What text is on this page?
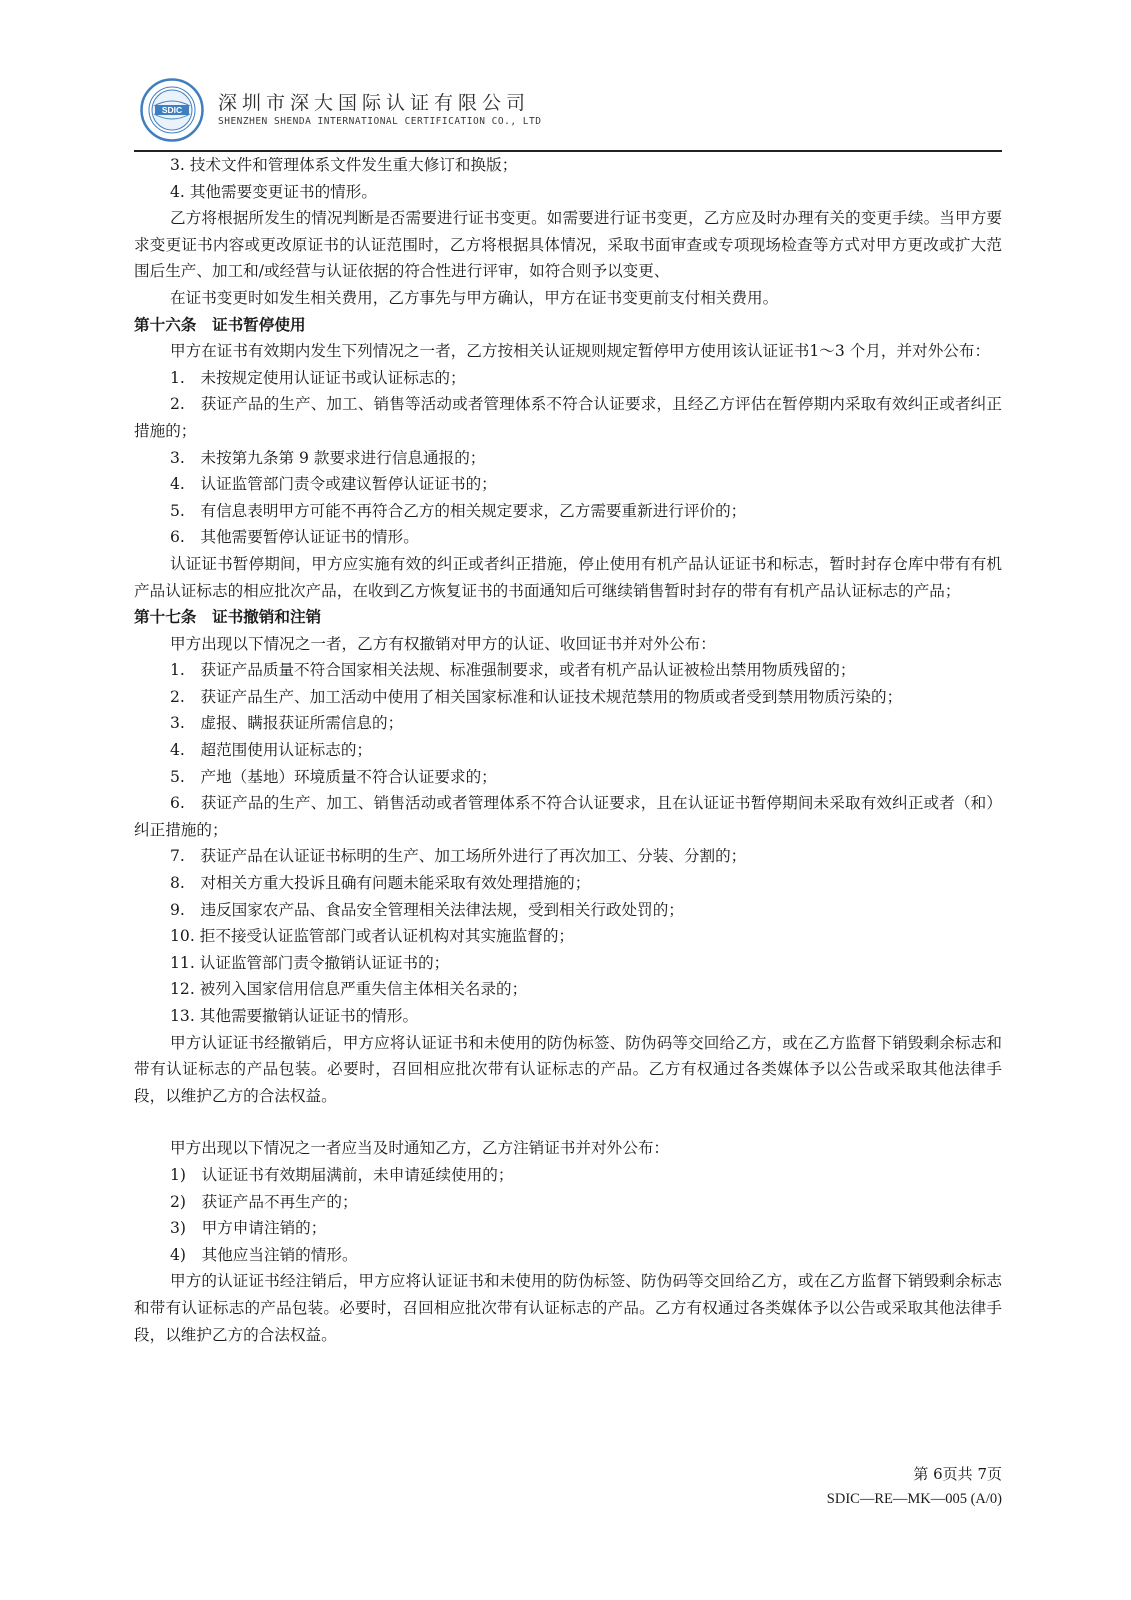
SDIC 深圳市深大国际认证有限公司
SHENZHEN SHENDA INTERNATIONAL CERTIFICATION CO., LTD

3. 技术文件和管理体系文件发生重大修订和换版；

4. 其他需要变更证书的情形。

乙方将根据所发生的情况判断是否需要进行证书变更。如需要进行证书变更，乙方应及时办理有关的变更手续。当甲方要求变更证书内容或更改原证书的认证范围时，乙方将根据具体情况，采取书面审查或专项现场检查等方式对甲方更改或扩大范围后生产、加工和/或经营与认证依据的符合性进行评审，如符合则予以变更、

在证书变更时如发生相关费用，乙方事先与甲方确认，甲方在证书变更前支付相关费用。

第十六条　证书暂停使用

甲方在证书有效期内发生下列情况之一者，乙方按相关认证规则规定暂停甲方使用该认证证书1～3 个月，并对外公布：

1.　未按规定使用认证证书或认证标志的；

2.　获证产品的生产、加工、销售等活动或者管理体系不符合认证要求，且经乙方评估在暂停期内采取有效纠正或者纠正措施的；

3.　未按第九条第 9 款要求进行信息通报的；

4.　认证监管部门责令或建议暂停认证证书的；

5.　有信息表明甲方可能不再符合乙方的相关规定要求，乙方需要重新进行评价的；

6.　其他需要暂停认证证书的情形。

认证证书暂停期间，甲方应实施有效的纠正或者纠正措施，停止使用有机产品认证证书和标志，暂时封存仓库中带有有机产品认证标志的相应批次产品，在收到乙方恢复证书的书面通知后可继续销售暂时封存的带有有机产品认证标志的产品；

第十七条　证书撤销和注销

甲方出现以下情况之一者，乙方有权撤销对甲方的认证、收回证书并对外公布：

1.　获证产品质量不符合国家相关法规、标准强制要求，或者有机产品认证被检出禁用物质残留的；

2.　获证产品生产、加工活动中使用了相关国家标准和认证技术规范禁用的物质或者受到禁用物质污染的；

3.　虚报、瞒报获证所需信息的；

4.　超范围使用认证标志的；

5.　产地（基地）环境质量不符合认证要求的；

6.　获证产品的生产、加工、销售活动或者管理体系不符合认证要求，且在认证证书暂停期间未采取有效纠正或者（和）纠正措施的；

7.　获证产品在认证证书标明的生产、加工场所外进行了再次加工、分装、分割的；

8.　对相关方重大投诉且确有问题未能采取有效处理措施的；

9.　违反国家农产品、食品安全管理相关法律法规，受到相关行政处罚的；

10. 拒不接受认证监管部门或者认证机构对其实施监督的；

11. 认证监管部门责令撤销认证证书的；

12. 被列入国家信用信息严重失信主体相关名录的；

13. 其他需要撤销认证证书的情形。

甲方认证证书经撤销后，甲方应将认证证书和未使用的防伪标签、防伪码等交回给乙方，或在乙方监督下销毁剩余标志和带有认证标志的产品包装。必要时，召回相应批次带有认证标志的产品。乙方有权通过各类媒体予以公告或采取其他法律手段，以维护乙方的合法权益。

甲方出现以下情况之一者应当及时通知乙方，乙方注销证书并对外公布：

1)　认证证书有效期届满前，未申请延续使用的；

2)　获证产品不再生产的；

3)　甲方申请注销的；

4)　其他应当注销的情形。

甲方的认证证书经注销后，甲方应将认证证书和未使用的防伪标签、防伪码等交回给乙方，或在乙方监督下销毁剩余标志和带有认证标志的产品包装。必要时，召回相应批次带有认证标志的产品。乙方有权通过各类媒体予以公告或采取其他法律手段，以维护乙方的合法权益。

第 6页共 7页
SDIC—RE—MK—005 (A/0)
